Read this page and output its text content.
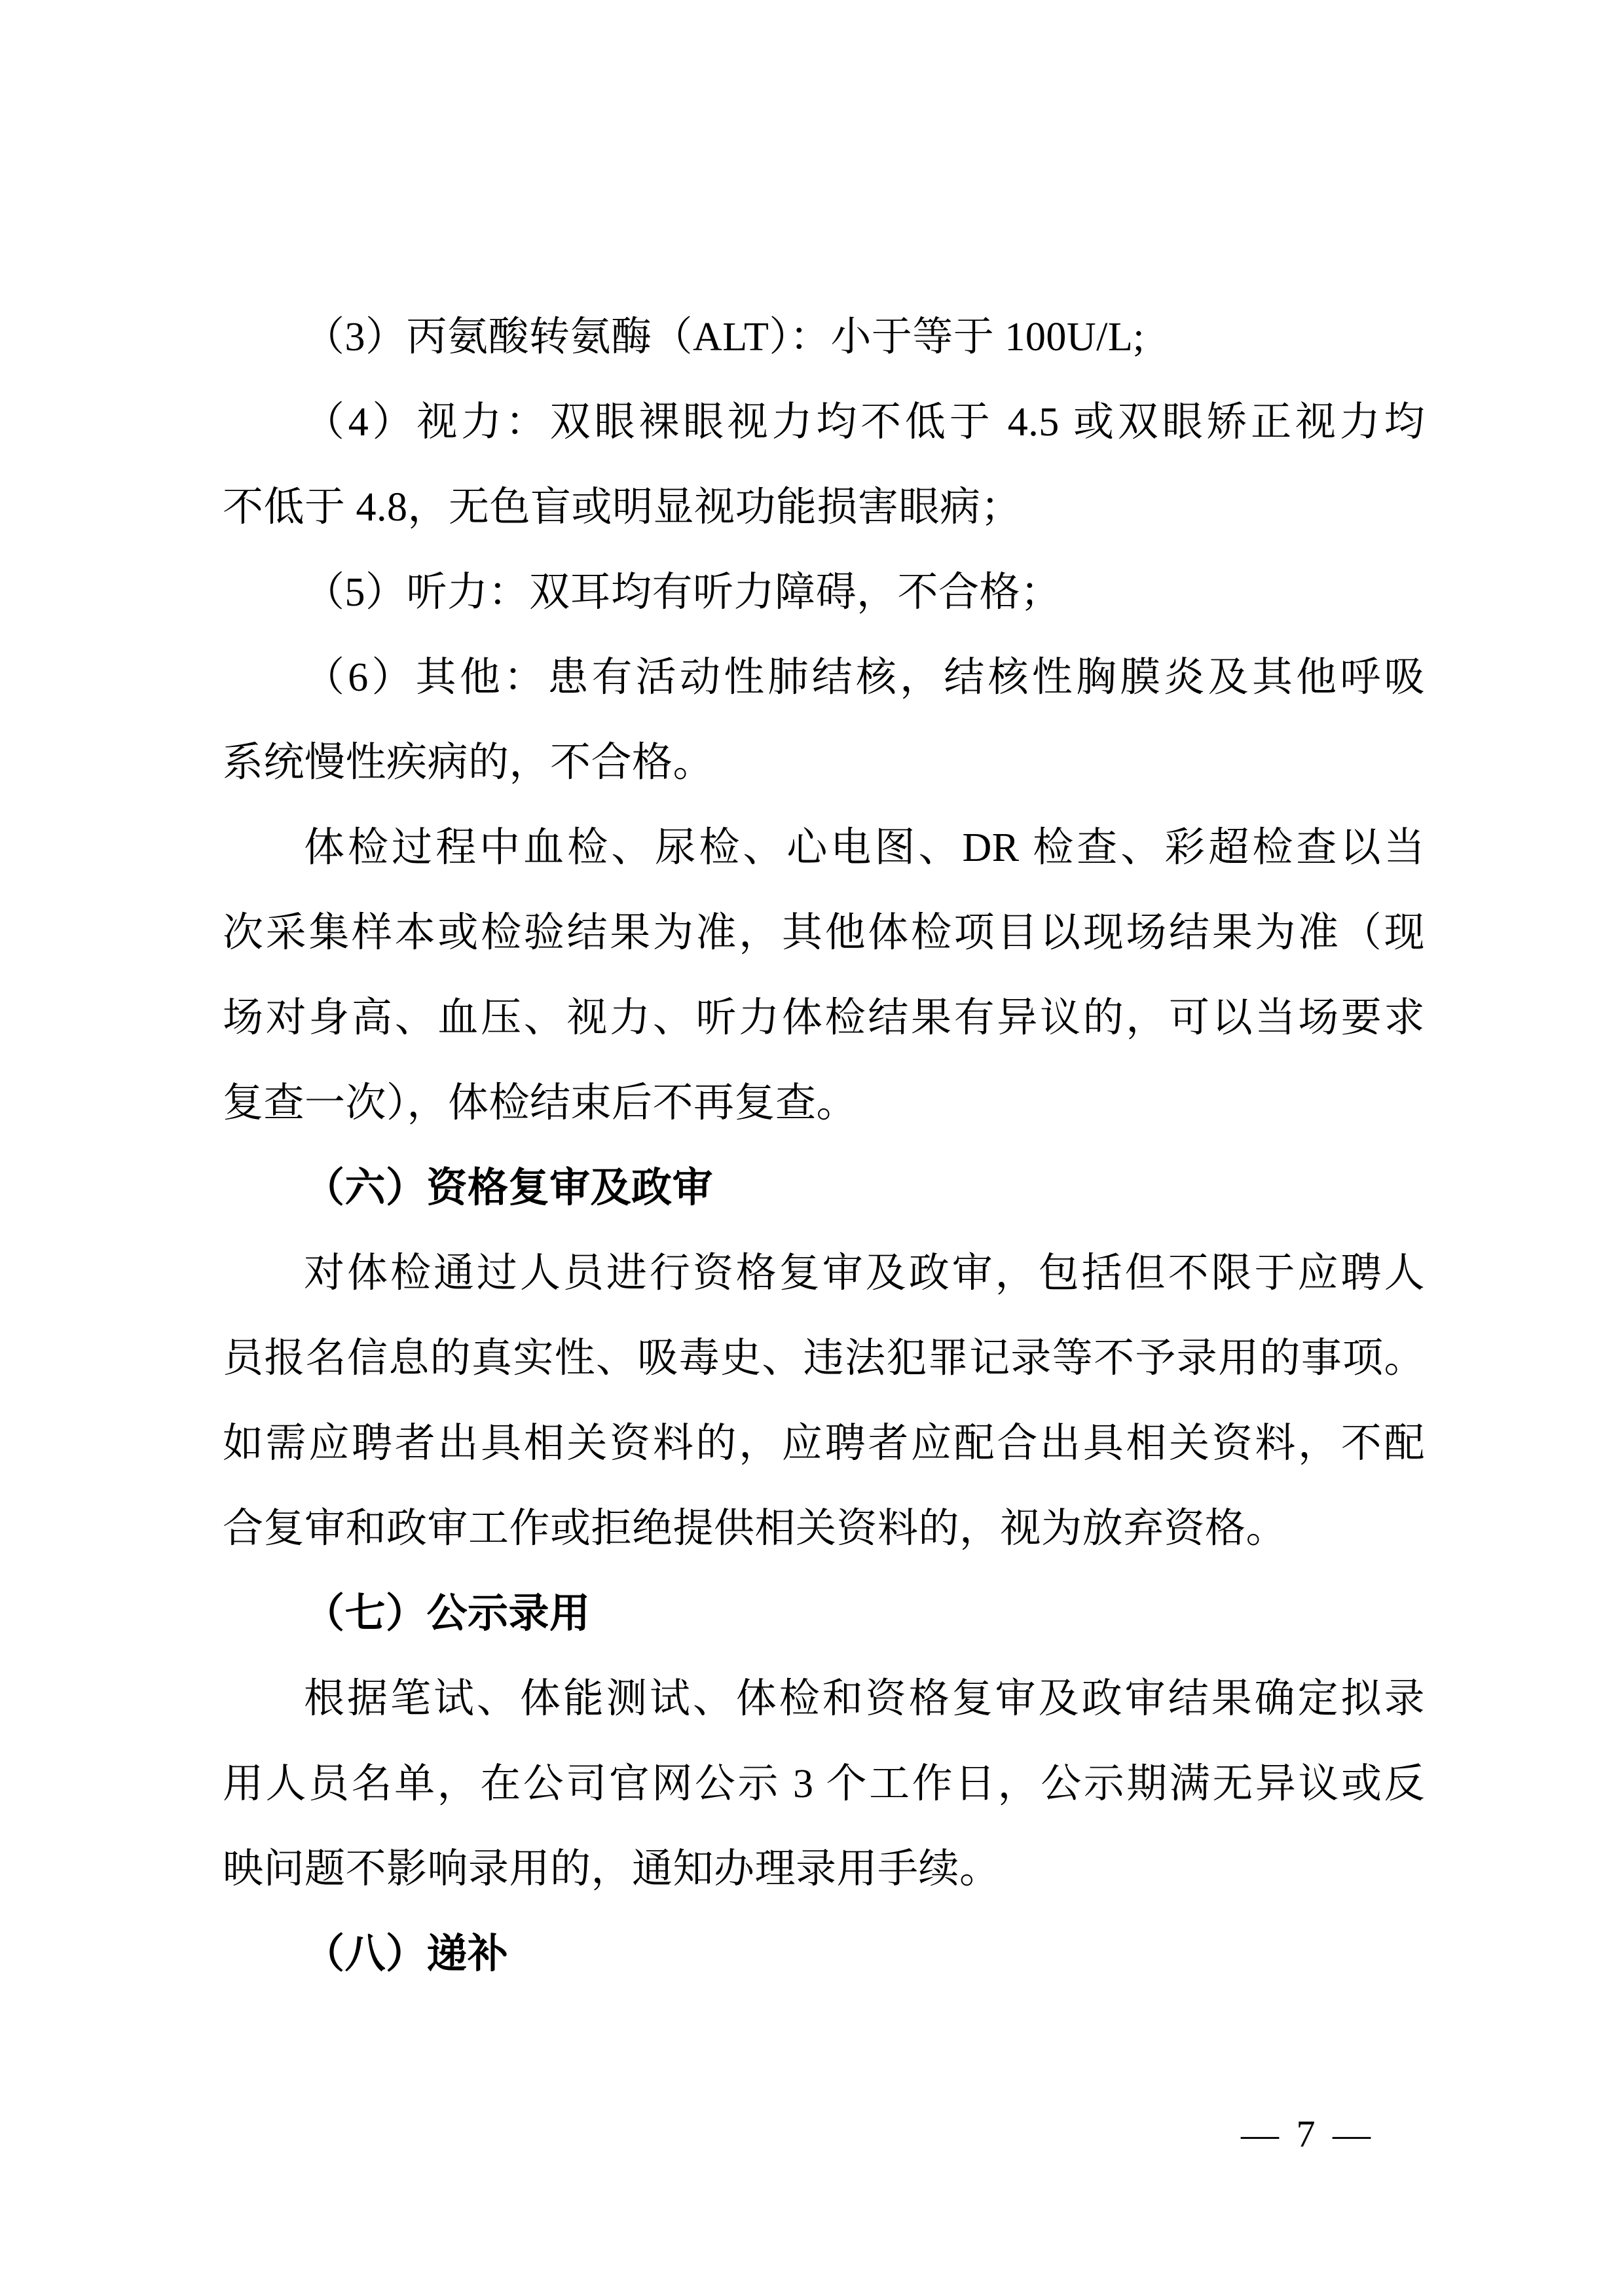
（3）丙氨酸转氨酶（ALT）：小于等于 100U/L;
（4）视力：双眼裸眼视力均不低于 4.5 或双眼矫正视力均
不低于 4.8，无色盲或明显视功能损害眼病；
（5）听力：双耳均有听力障碍，不合格；
（6）其他：患有活动性肺结核，结核性胸膜炎及其他呼吸
系统慢性疾病的，不合格。
体检过程中血检、尿检、心电图、DR 检查、彩超检查以当
次采集样本或检验结果为准，其他体检项目以现场结果为准（现
场对身高、血压、视力、听力体检结果有异议的，可以当场要求
复查一次），体检结束后不再复查。
（六）资格复审及政审
对体检通过人员进行资格复审及政审，包括但不限于应聘人
员报名信息的真实性、吸毒史、违法犯罪记录等不予录用的事项。
如需应聘者出具相关资料的，应聘者应配合出具相关资料，不配
合复审和政审工作或拒绝提供相关资料的，视为放弃资格。
（七）公示录用
根据笔试、体能测试、体检和资格复审及政审结果确定拟录
用人员名单，在公司官网公示 3 个工作日，公示期满无异议或反
映问题不影响录用的，通知办理录用手续。
（八）递补
— 7 —
